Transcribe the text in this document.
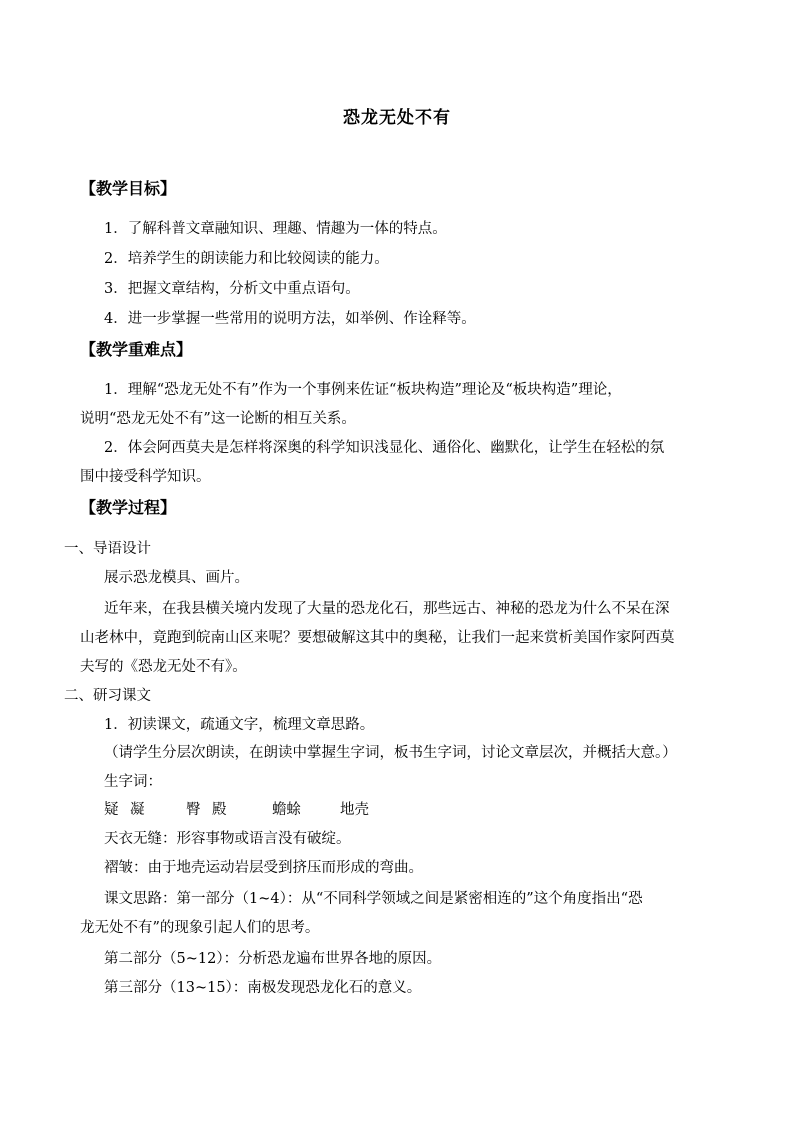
恐龙无处不有
【教学目标】
1．了解科普文章融知识、理趣、情趣为一体的特点。
2．培养学生的朗读能力和比较阅读的能力。
3．把握文章结构，分析文中重点语句。
4．进一步掌握一些常用的说明方法，如举例、作诠释等。
【教学重难点】
1．理解“恐龙无处不有”作为一个事例来佐证“板块构造”理论及“板块构造”理论，
说明“恐龙无处不有”这一论断的相互关系。
2．体会阿西莫夫是怎样将深奥的科学知识浅显化、通俗化、幽默化，让学生在轻松的氛
围中接受科学知识。
【教学过程】
一、导语设计
展示恐龙模具、画片。
近年来，在我县横关境内发现了大量的恐龙化石，那些远古、神秘的恐龙为什么不呆在深
山老林中，竟跑到皖南山区来呢？要想破解这其中的奥秘，让我们一起来赏析美国作家阿西莫
夫写的《恐龙无处不有》。
二、研习课文
1．初读课文，疏通文字，梳理文章思路。
（请学生分层次朗读，在朗读中掌握生字词，板书生字词，讨论文章层次，并概括大意。）
生字词：
疑 凝	臀 殿	蟾蜍	地壳
天衣无缝：形容事物或语言没有破绽。
褶皱：由于地壳运动岩层受到挤压而形成的弯曲。
课文思路：第一部分（1~4）：从“不同科学领域之间是紧密相连的”这个角度指出“恐
龙无处不有”的现象引起人们的思考。
第二部分（5~12）：分析恐龙遍布世界各地的原因。
第三部分（13~15）：南极发现恐龙化石的意义。
